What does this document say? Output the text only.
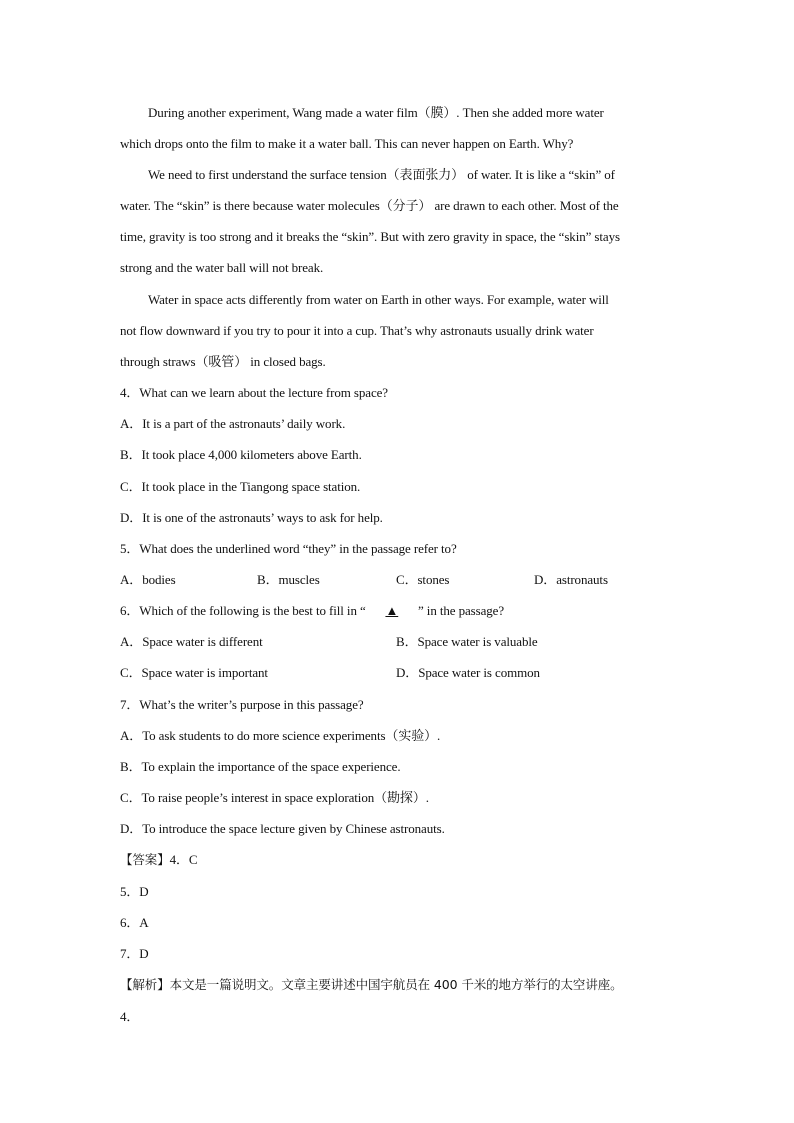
During another experiment, Wang made a water film（膜）. Then she added more water
which drops onto the film to make it a water ball. This can never happen on Earth. Why?
We need to first understand the surface tension（表面张力） of water. It is like a “skin” of
water. The “skin” is there because water molecules（分子） are drawn to each other. Most of the
time, gravity is too strong and it breaks the “skin”. But with zero gravity in space, the “skin” stays
strong and the water ball will not break.
Water in space acts differently from water on Earth in other ways. For example, water will
not flow downward if you try to pour it into a cup. That’s why astronauts usually drink water
through straws（吸管） in closed bags.
4．What can we learn about the lecture from space?
A．It is a part of the astronauts’ daily work.
B．It took place 4,000 kilometers above Earth.
C．It took place in the Tiangong space station.
D．It is one of the astronauts’ ways to ask for help.
5．What does the underlined word “they” in the passage refer to?
A．bodies	B．muscles	C．stones	D．astronauts
6．Which of the following is the best to fill in “ ▲ ” in the passage?
A．Space water is different	B．Space water is valuable
C．Space water is important	D．Space water is common
7．What’s the writer’s purpose in this passage?
A．To ask students to do more science experiments（实验）.
B．To explain the importance of the space experience.
C．To raise people’s interest in space exploration（勘探）.
D．To introduce the space lecture given by Chinese astronauts.
【答案】4．C
5．D
6．A
7．D
【解析】本文是一篇说明文。文章主要讲述中国宇航员在 400 千米的地方举行的太空讲座。
4．
